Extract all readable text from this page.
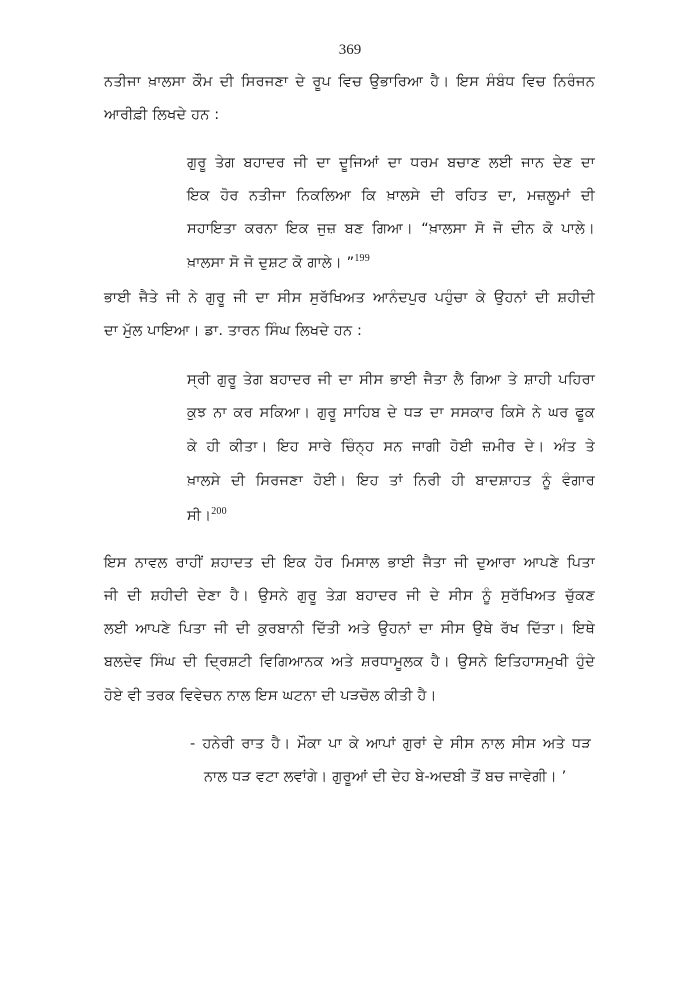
369
ਨਤੀਜਾ ਖ਼ਾਲਸਾ ਕੌਮ ਦੀ ਸਿਰਜਣਾ ਦੇ ਰੂਪ ਵਿਚ ਉਭਾਰਿਆ ਹੈ। ਇਸ ਸੰਬੰਧ ਵਿਚ ਨਿਰੰਜਨ
ਆਰੀਫ਼ੀ ਲਿਖਦੇ ਹਨ :
ਗੁਰੂ ਤੇਗ ਬਹਾਦਰ ਜੀ ਦਾ ਦੂਜਿਆਂ ਦਾ ਧਰਮ ਬਚਾਣ ਲਈ ਜਾਨ ਦੇਣ ਦਾ
ਇਕ ਹੋਰ ਨਤੀਜਾ ਨਿਕਲਿਆ ਕਿ ਖ਼ਾਲਸੇ ਦੀ ਰਹਿਤ ਦਾ, ਮਜ਼ਲੂਮਾਂ ਦੀ
ਸਹਾਇਤਾ ਕਰਨਾ ਇਕ ਜੁਜ਼ ਬਣ ਗਿਆ। “ਖ਼ਾਲਸਾ ਸੋ ਜੋ ਦੀਨ ਕੋ ਪਾਲੇ।
ਖ਼ਾਲਸਾ ਸੋ ਜੋ ਦੁਸ਼ਟ ਕੋ ਗਾਲੇ। ”$^{199}$
ਭਾਈ ਜੈਤੇ ਜੀ ਨੇ ਗੁਰੂ ਜੀ ਦਾ ਸੀਸ ਸੁਰੱਖਿਅਤ ਆਨੰਦਪੁਰ ਪਹੁੰਚਾ ਕੇ ਉਹਨਾਂ ਦੀ ਸ਼ਹੀਦੀ
ਦਾ ਮੁੱਲ ਪਾਇਆ। ਡਾ. ਤਾਰਨ ਸਿੰਘ ਲਿਖਦੇ ਹਨ :
ਸ੍ਰੀ ਗੁਰੂ ਤੇਗ ਬਹਾਦਰ ਜੀ ਦਾ ਸੀਸ ਭਾਈ ਜੈਤਾ ਲੈ ਗਿਆ ਤੇ ਸ਼ਾਹੀ ਪਹਿਰਾ
ਕੁਝ ਨਾ ਕਰ ਸਕਿਆ। ਗੁਰੂ ਸਾਹਿਬ ਦੇ ਧੜ ਦਾ ਸਸਕਾਰ ਕਿਸੇ ਨੇ ਘਰ ਫੂਕ
ਕੇ ਹੀ ਕੀਤਾ। ਇਹ ਸਾਰੇ ਚਿੰਨ੍ਹ ਸਨ ਜਾਗੀ ਹੋਈ ਜ਼ਮੀਰ ਦੇ। ਅੰਤ ਤੇ
ਖ਼ਾਲਸੇ ਦੀ ਸਿਰਜਣਾ ਹੋਈ। ਇਹ ਤਾਂ ਨਿਰੀ ਹੀ ਬਾਦਸ਼ਾਹਤ ਨੂੰ ਵੰਗਾਰ
ਸੀ।$^{200}$
ਇਸ ਨਾਵਲ ਰਾਹੀਂ ਸ਼ਹਾਦਤ ਦੀ ਇਕ ਹੋਰ ਮਿਸਾਲ ਭਾਈ ਜੈਤਾ ਜੀ ਦੁਆਰਾ ਆਪਣੇ ਪਿਤਾ
ਜੀ ਦੀ ਸ਼ਹੀਦੀ ਦੇਣਾ ਹੈ। ਉਸਨੇ ਗੁਰੂ ਤੇਗ਼ ਬਹਾਦਰ ਜੀ ਦੇ ਸੀਸ ਨੂੰ ਸੁਰੱਖਿਅਤ ਚੁੱਕਣ
ਲਈ ਆਪਣੇ ਪਿਤਾ ਜੀ ਦੀ ਕੁਰਬਾਨੀ ਦਿੱਤੀ ਅਤੇ ਉਹਨਾਂ ਦਾ ਸੀਸ ਉਥੇ ਰੱਖ ਦਿੱਤਾ। ਇਥੇ
ਬਲਦੇਵ ਸਿੰਘ ਦੀ ਦ੍ਰਿਸ਼ਟੀ ਵਿਗਿਆਨਕ ਅਤੇ ਸ਼ਰਧਾਮੂਲਕ ਹੈ। ਉਸਨੇ ਇਤਿਹਾਸਮੁਖੀ ਹੁੰਦੇ
ਹੋਏ ਵੀ ਤਰਕ ਵਿਵੇਚਨ ਨਾਲ ਇਸ ਘਟਨਾ ਦੀ ਪੜਚੋਲ ਕੀਤੀ ਹੈ।
- ਹਨੇਰੀ ਰਾਤ ਹੈ। ਮੌਕਾ ਪਾ ਕੇ ਆਪਾਂ ਗੁਰਾਂ ਦੇ ਸੀਸ ਨਾਲ ਸੀਸ ਅਤੇ ਧੜ
ਨਾਲ ਧੜ ਵਟਾ ਲਵਾਂਗੇ। ਗੁਰੂਆਂ ਦੀ ਦੇਹ ਬੇ-ਅਦਬੀ ਤੋਂ ਬਚ ਜਾਵੇਗੀ। ’
